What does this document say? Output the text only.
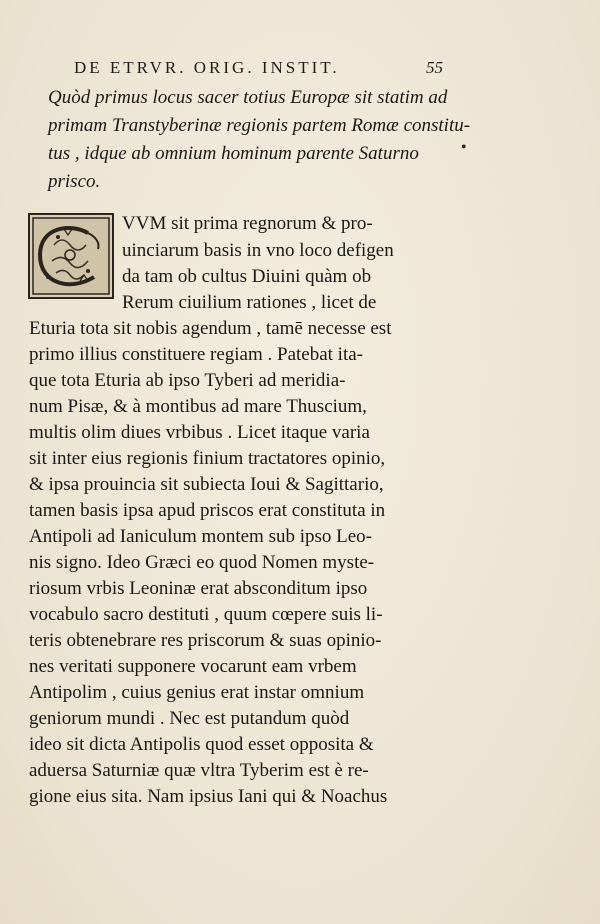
DE ETRVR. ORIG. INSTIT.	55
Quòd primus locus sacer totius Europæ sit statim ad
primam Transtyberinæ regionis partem Romæ constitu-
tus , idque ab omnium hominum parente Saturno
prisco.
•
VVM sit prima regnorum & pro-
uinciarum basis in vno loco defigen
da tam ob cultus Diuini quàm ob
Rerum ciuilium rationes , licet de
Eturia tota sit nobis agendum , tamē necesse est
primo illius constituere regiam . Patebat ita-
que tota Eturia ab ipso Tyberi ad meridia-
num Pisæ, & à montibus ad mare Thuscium,
multis olim diues vrbibus . Licet itaque varia
sit inter eius regionis finium tractatores opinio,
& ipsa prouincia sit subiecta Ioui & Sagittario,
tamen basis ipsa apud priscos erat constituta in
Antipoli ad Ianiculum montem sub ipso Leo-
nis signo. Ideo Græci eo quod Nomen myste-
riosum vrbis Leoninæ erat absconditum ipso
vocabulo sacro destituti , quum cœpere suis li-
teris obtenebrare res priscorum & suas opinio-
nes veritati supponere vocarunt eam vrbem
Antipolim , cuius genius erat instar omnium
geniorum mundi . Nec est putandum quòd
ideo sit dicta Antipolis quod esset opposita &
aduersa Saturniæ quæ vltra Tyberim est è re-
gione eius sita. Nam ipsius Iani qui & Noachus
